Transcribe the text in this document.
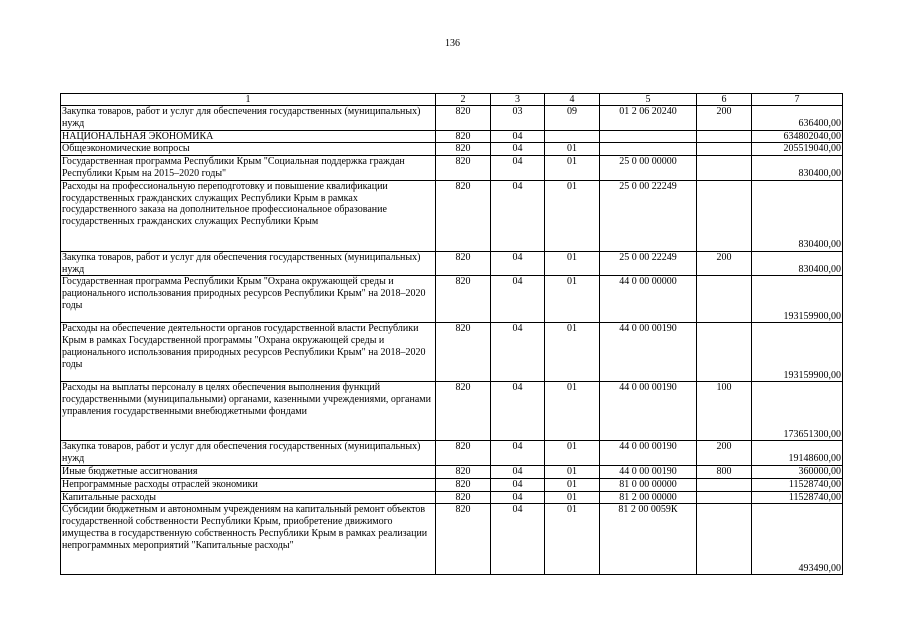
136
1	2	3	4	5	6	7
Закупка товаров, работ и услуг для обеспечения государственных (муниципальных) нужд	820	03	09	01 2 06 20240	200	636400,00
НАЦИОНАЛЬНАЯ ЭКОНОМИКА	820	04				634802040,00
Общеэкономические вопросы	820	04	01			205519040,00
Государственная программа Республики Крым "Социальная поддержка граждан Республики Крым на 2015–2020 годы"	820	04	01	25 0 00 00000		830400,00
Расходы на профессиональную переподготовку и повышение квалификации государственных гражданских служащих Республики Крым в рамках государственного заказа на дополнительное профессиональное образование государственных гражданских служащих Республики Крым	820	04	01	25 0 00 22249		830400,00
Закупка товаров, работ и услуг для обеспечения государственных (муниципальных) нужд	820	04	01	25 0 00 22249	200	830400,00
Государственная программа Республики Крым "Охрана окружающей среды и рационального использования природных ресурсов Республики Крым" на 2018–2020 годы	820	04	01	44 0 00 00000		193159900,00
Расходы на обеспечение деятельности органов государственной власти Республики Крым в рамках Государственной программы "Охрана окружающей среды и рационального использования природных ресурсов Республики Крым" на 2018–2020 годы	820	04	01	44 0 00 00190		193159900,00
Расходы на выплаты персоналу в целях обеспечения выполнения функций государственными (муниципальными) органами, казенными учреждениями, органами управления государственными внебюджетными фондами	820	04	01	44 0 00 00190	100	173651300,00
Закупка товаров, работ и услуг для обеспечения государственных (муниципальных) нужд	820	04	01	44 0 00 00190	200	19148600,00
Иные бюджетные ассигнования	820	04	01	44 0 00 00190	800	360000,00
Непрограммные расходы отраслей экономики	820	04	01	81 0 00 00000		11528740,00
Капитальные расходы	820	04	01	81 2 00 00000		11528740,00
Субсидии бюджетным и автономным учреждениям на капитальный ремонт объектов государственной собственности Республики Крым, приобретение движимого имущества в государственную собственность Республики Крым в рамках реализации непрограммных мероприятий "Капитальные расходы"	820	04	01	81 2 00 0059К		493490,00
